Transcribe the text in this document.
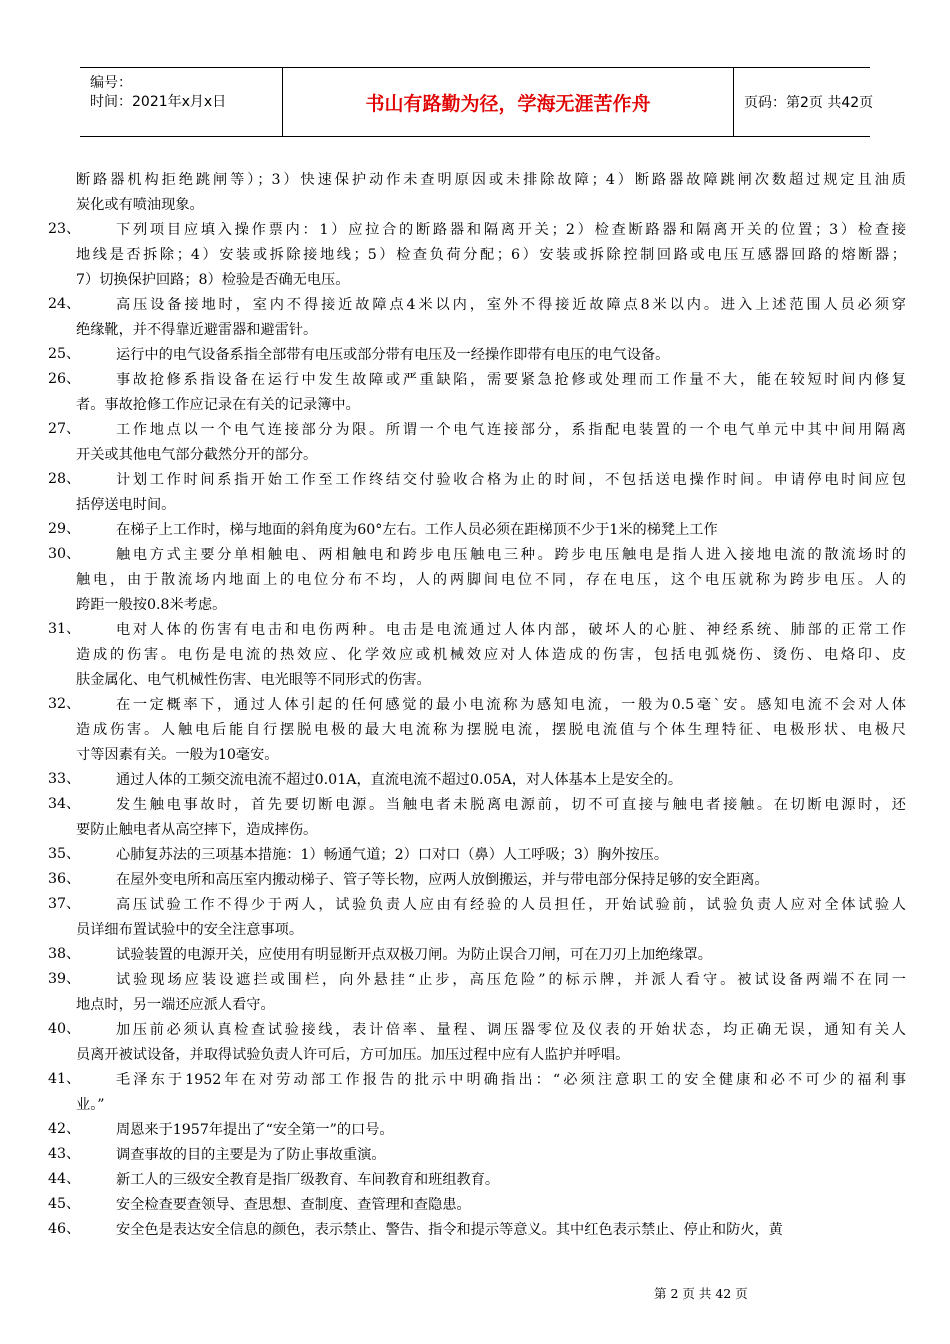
编号：
时间：2021年x月x日	书山有路勤为径，学海无涯苦作舟	页码：第2页 共42页
断路器机构拒绝跳闸等）；3）快速保护动作未查明原因或未排除故障；4）断路器故障跳闸次数超过规定且油质
炭化或有喷油现象。
23、	下列项目应填入操作票内：1）应拉合的断路器和隔离开关；2）检查断路器和隔离开关的位置；3）检查接
地线是否拆除；4）安装或拆除接地线；5）检查负荷分配；6）安装或拆除控制回路或电压互感器回路的熔断器；
7）切换保护回路；8）检验是否确无电压。
24、	高压设备接地时，室内不得接近故障点4米以内，室外不得接近故障点8米以内。进入上述范围人员必须穿
绝缘靴，并不得靠近避雷器和避雷针。
25、	运行中的电气设备系指全部带有电压或部分带有电压及一经操作即带有电压的电气设备。
26、	事故抢修系指设备在运行中发生故障或严重缺陷，需要紧急抢修或处理而工作量不大，能在较短时间内修复
者。事故抢修工作应记录在有关的记录簿中。
27、	工作地点以一个电气连接部分为限。所谓一个电气连接部分，系指配电装置的一个电气单元中其中间用隔离
开关或其他电气部分截然分开的部分。
28、	计划工作时间系指开始工作至工作终结交付验收合格为止的时间，不包括送电操作时间。申请停电时间应包
括停送电时间。
29、	在梯子上工作时，梯与地面的斜角度为60°左右。工作人员必须在距梯顶不少于1米的梯凳上工作
30、	触电方式主要分单相触电、两相触电和跨步电压触电三种。跨步电压触电是指人进入接地电流的散流场时的
触电，由于散流场内地面上的电位分布不均，人的两脚间电位不同，存在电压，这个电压就称为跨步电压。人的
跨距一般按0.8米考虑。
31、	电对人体的伤害有电击和电伤两种。电击是电流通过人体内部，破坏人的心脏、神经系统、肺部的正常工作
造成的伤害。电伤是电流的热效应、化学效应或机械效应对人体造成的伤害，包括电弧烧伤、烫伤、电烙印、皮
肤金属化、电气机械性伤害、电光眼等不同形式的伤害。
32、	在一定概率下，通过人体引起的任何感觉的最小电流称为感知电流，一般为0.5毫`安。感知电流不会对人体
造成伤害。人触电后能自行摆脱电极的最大电流称为摆脱电流，摆脱电流值与个体生理特征、电极形状、电极尺
寸等因素有关。一般为10毫安。
33、	通过人体的工频交流电流不超过0.01A，直流电流不超过0.05A，对人体基本上是安全的。
34、	发生触电事故时，首先要切断电源。当触电者未脱离电源前，切不可直接与触电者接触。在切断电源时，还
要防止触电者从高空摔下，造成摔伤。
35、	心肺复苏法的三项基本措施：1）畅通气道；2）口对口（鼻）人工呼吸；3）胸外按压。
36、	在屋外变电所和高压室内搬动梯子、管子等长物，应两人放倒搬运，并与带电部分保持足够的安全距离。
37、	高压试验工作不得少于两人，试验负责人应由有经验的人员担任，开始试验前，试验负责人应对全体试验人
员详细布置试验中的安全注意事项。
38、	试验装置的电源开关，应使用有明显断开点双极刀闸。为防止误合刀闸，可在刀刃上加绝缘罩。
39、	试验现场应装设遮拦或围栏，向外悬挂“止步，高压危险”的标示牌，并派人看守。被试设备两端不在同一
地点时，另一端还应派人看守。
40、	加压前必须认真检查试验接线，表计倍率、量程、调压器零位及仪表的开始状态，均正确无误，通知有关人
员离开被试设备，并取得试验负责人许可后，方可加压。加压过程中应有人监护并呼唱。
41、	毛泽东于1952年在对劳动部工作报告的批示中明确指出：“必须注意职工的安全健康和必不可少的福利事
业。”
42、	周恩来于1957年提出了“安全第一”的口号。
43、	调查事故的目的主要是为了防止事故重演。
44、	新工人的三级安全教育是指厂级教育、车间教育和班组教育。
45、	安全检查要查领导、查思想、查制度、查管理和查隐患。
46、	安全色是表达安全信息的颜色，表示禁止、警告、指令和提示等意义。其中红色表示禁止、停止和防火，黄
第 2 页 共 42 页
